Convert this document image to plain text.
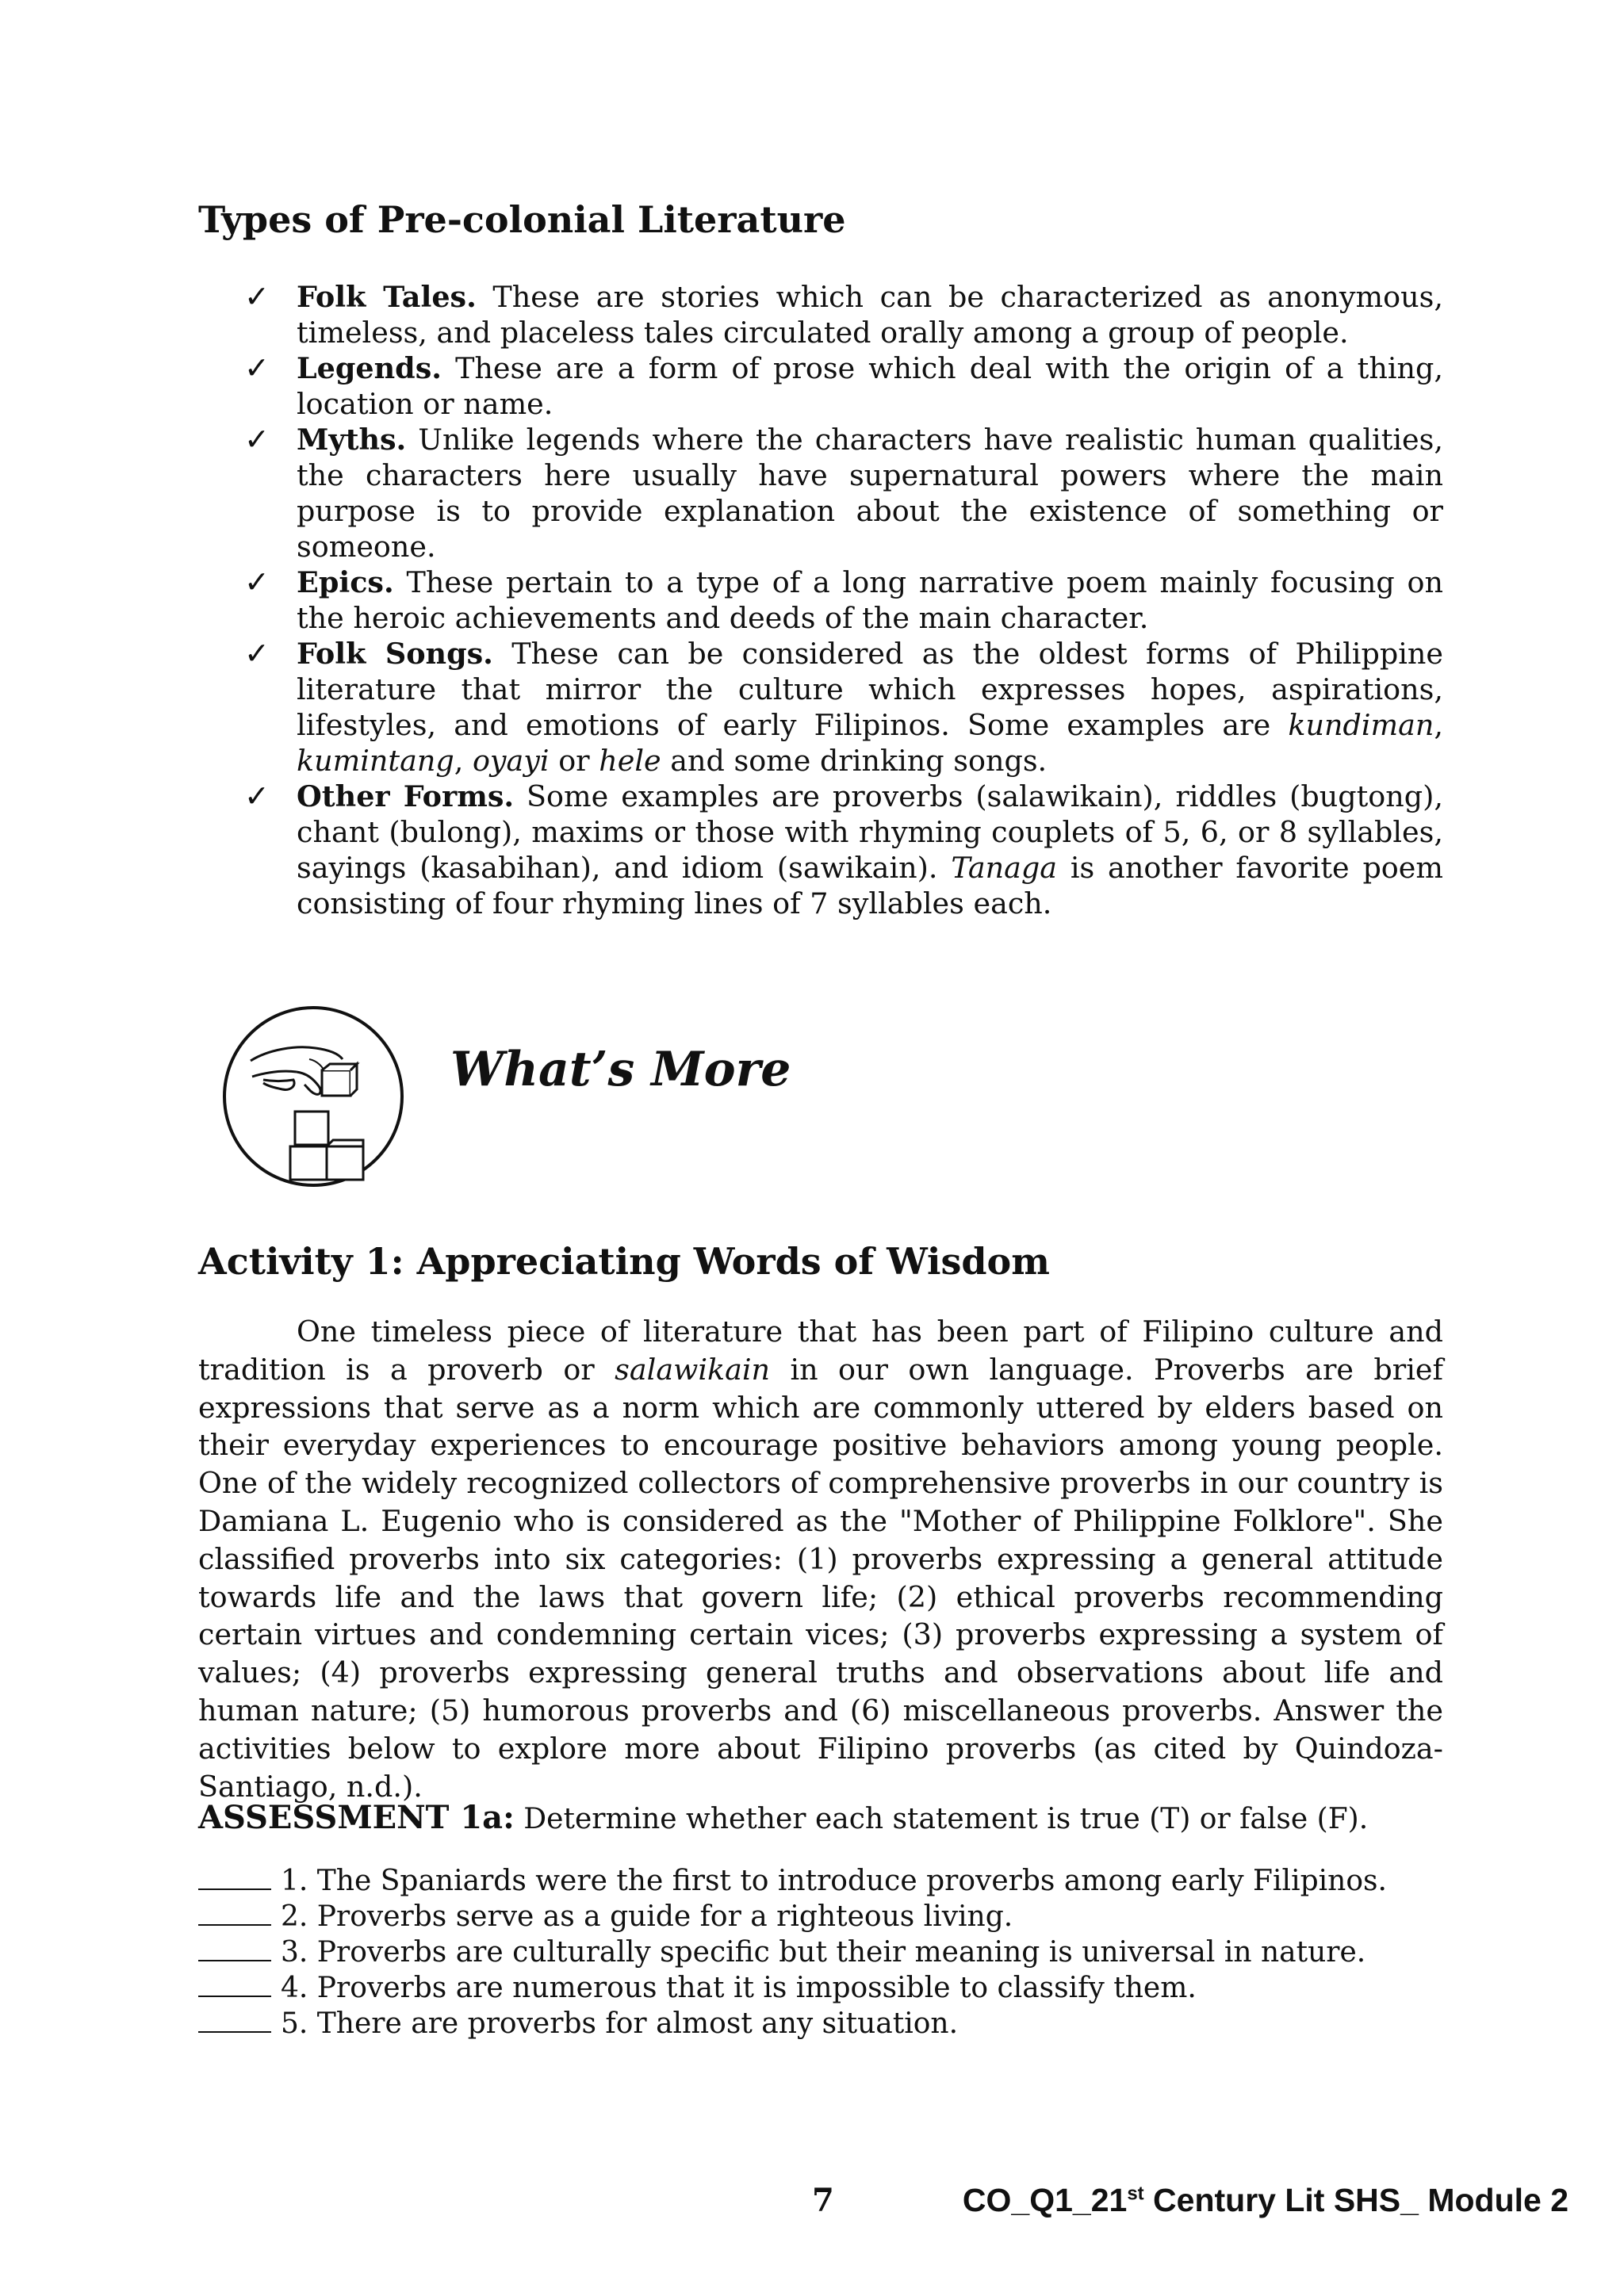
Types of Pre-colonial Literature
✓ Folk Tales. These are stories which can be characterized as anonymous, timeless, and placeless tales circulated orally among a group of people.
✓ Legends. These are a form of prose which deal with the origin of a thing, location or name.
✓ Myths. Unlike legends where the characters have realistic human qualities, the characters here usually have supernatural powers where the main purpose is to provide explanation about the existence of something or someone.
✓ Epics. These pertain to a type of a long narrative poem mainly focusing on the heroic achievements and deeds of the main character.
✓ Folk Songs. These can be considered as the oldest forms of Philippine literature that mirror the culture which expresses hopes, aspirations, lifestyles, and emotions of early Filipinos. Some examples are kundiman, kumintang, oyayi or hele and some drinking songs.
✓ Other Forms. Some examples are proverbs (salawikain), riddles (bugtong), chant (bulong), maxims or those with rhyming couplets of 5, 6, or 8 syllables, sayings (kasabihan), and idiom (sawikain). Tanaga is another favorite poem consisting of four rhyming lines of 7 syllables each.
What’s More
Activity 1: Appreciating Words of Wisdom

One timeless piece of literature that has been part of Filipino culture and tradition is a proverb or salawikain in our own language. Proverbs are brief expressions that serve as a norm which are commonly uttered by elders based on their everyday experiences to encourage positive behaviors among young people. One of the widely recognized collectors of comprehensive proverbs in our country is Damiana L. Eugenio who is considered as the "Mother of Philippine Folklore". She classified proverbs into six categories: (1) proverbs expressing a general attitude towards life and the laws that govern life; (2) ethical proverbs recommending certain virtues and condemning certain vices; (3) proverbs expressing a system of values; (4) proverbs expressing general truths and observations about life and human nature; (5) humorous proverbs and (6) miscellaneous proverbs. Answer the activities below to explore more about Filipino proverbs (as cited by Quindoza-Santiago, n.d.).

ASSESSMENT 1a: Determine whether each statement is true (T) or false (F).

1. The Spaniards were the first to introduce proverbs among early Filipinos.
2. Proverbs serve as a guide for a righteous living.
3. Proverbs are culturally specific but their meaning is universal in nature.
4. Proverbs are numerous that it is impossible to classify them.
5. There are proverbs for almost any situation.
7	CO_Q1_21st Century Lit SHS_ Module 2
